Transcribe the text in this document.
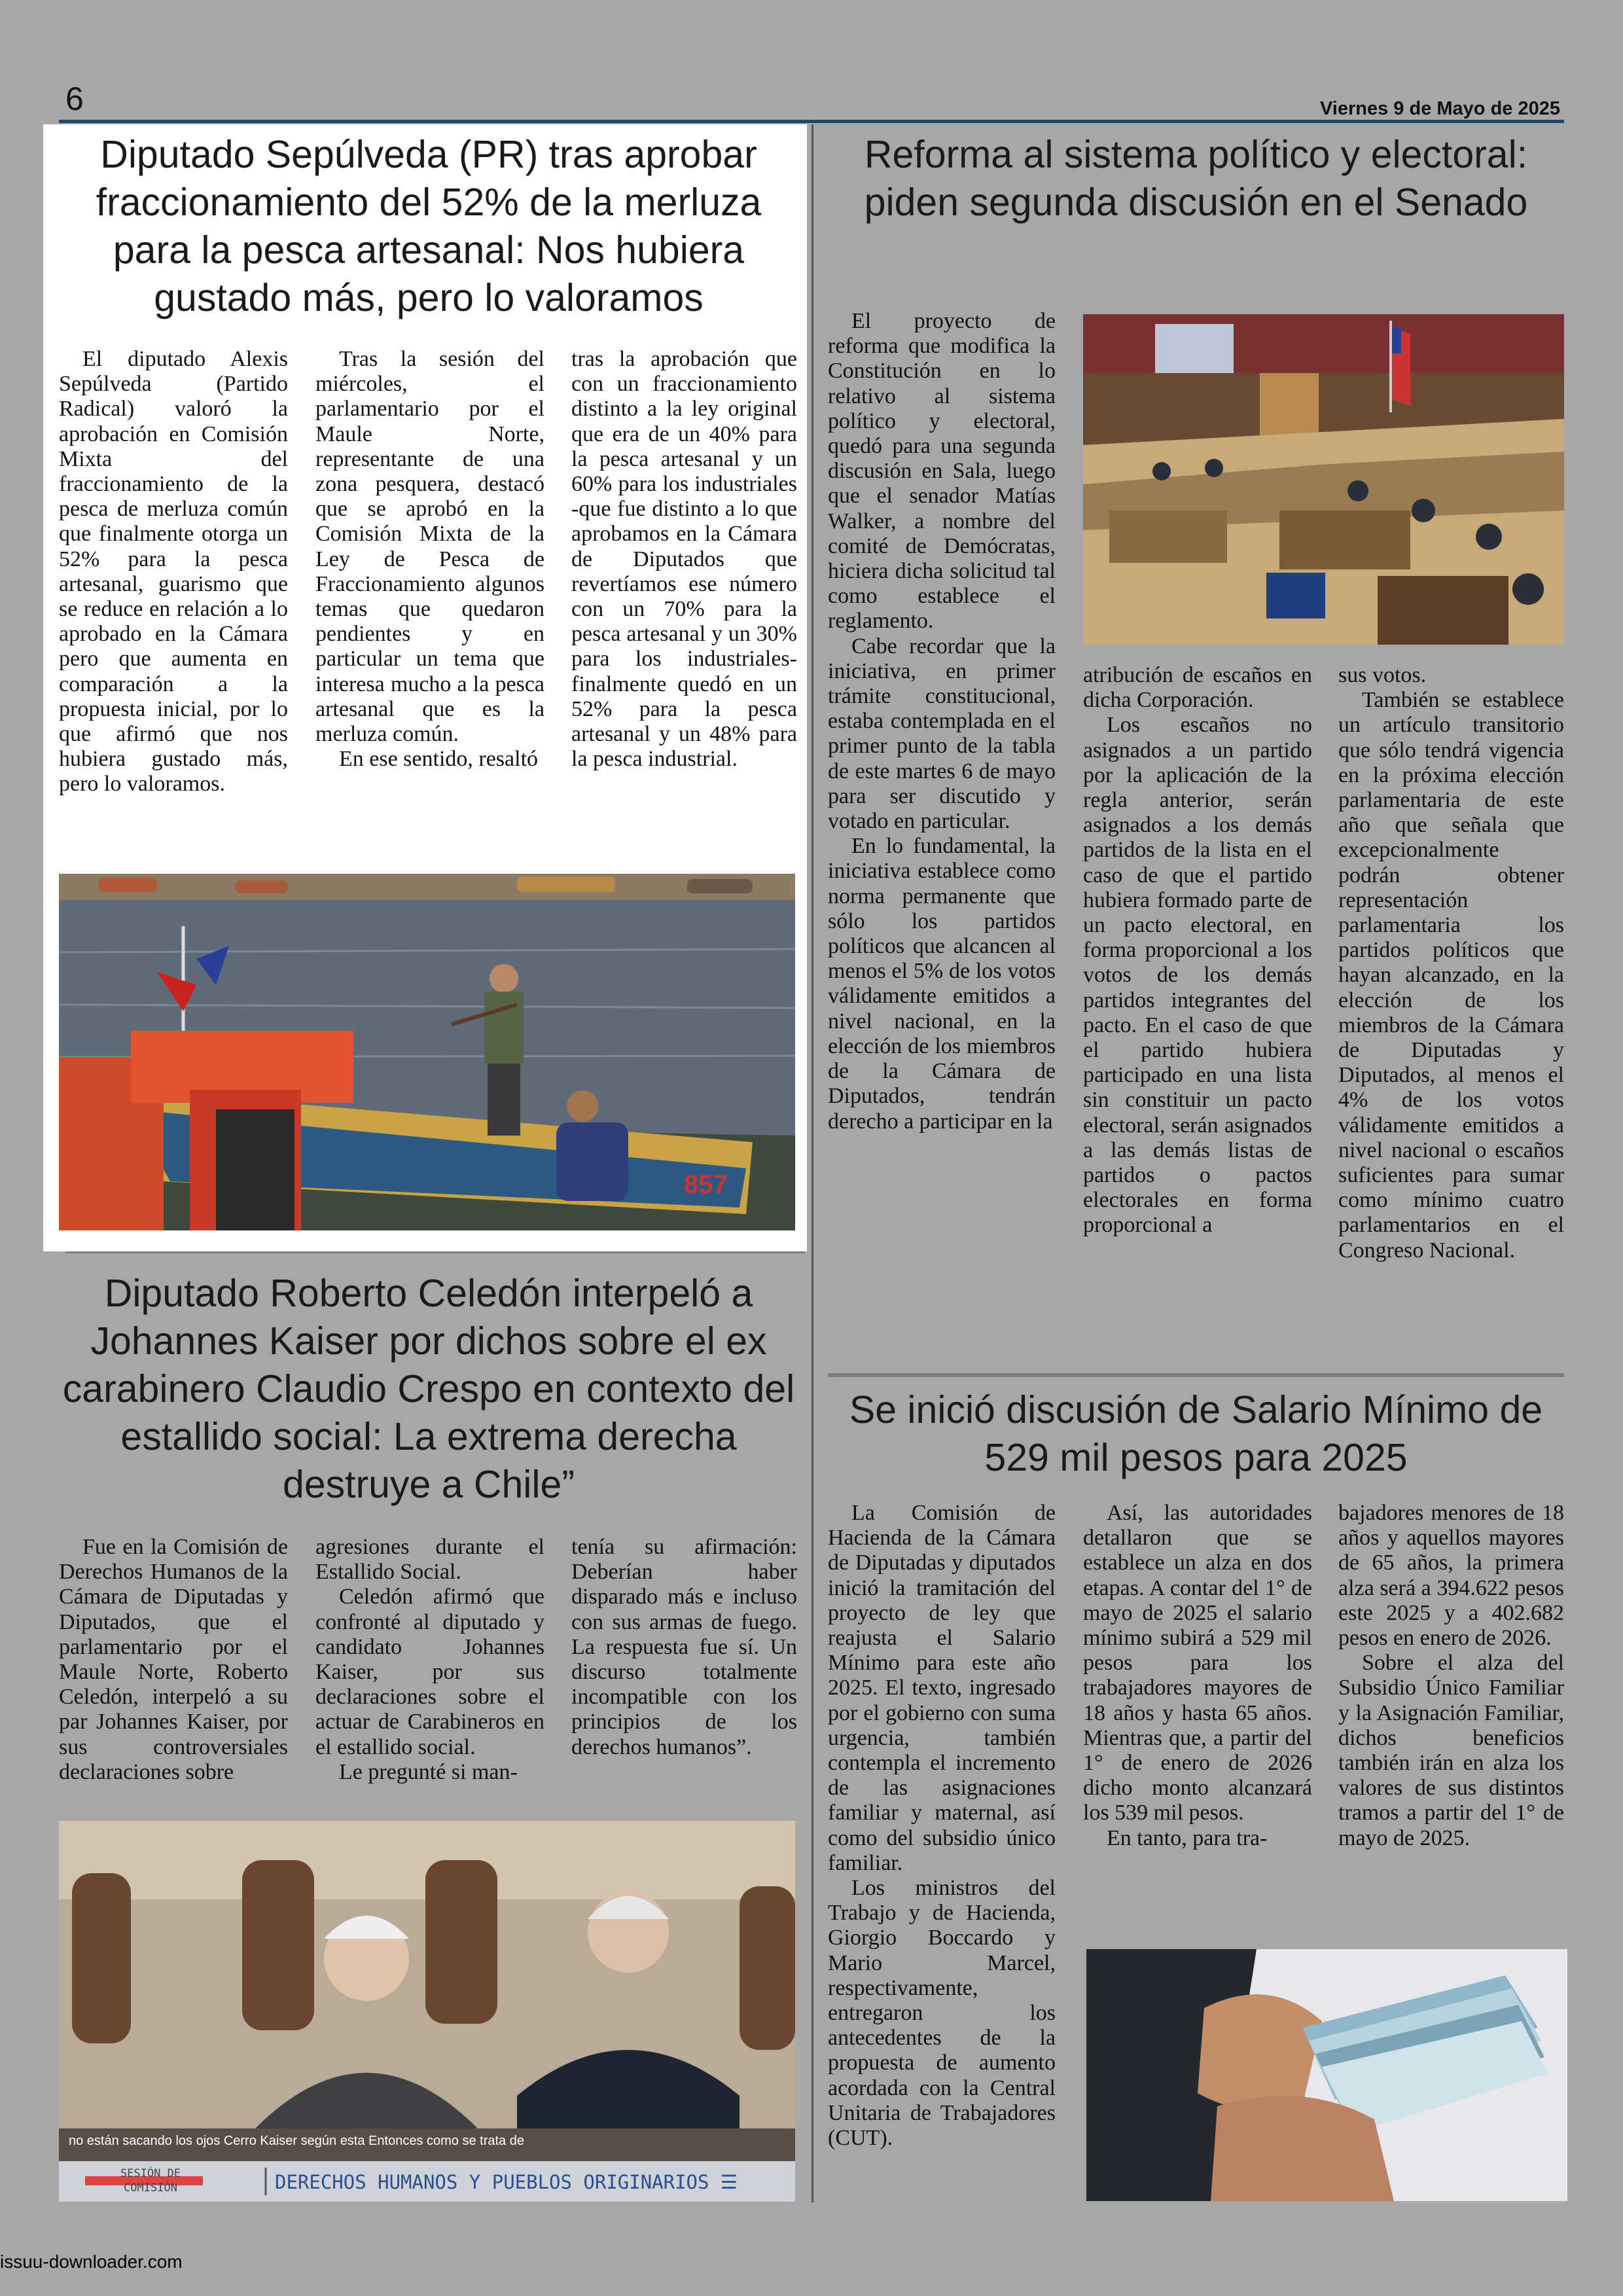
6	Viernes 9 de Mayo de 2025
Diputado Sepúlveda (PR) tras aprobar fraccionamiento del 52% de la merluza para la pesca artesanal: Nos hubiera gustado más, pero lo valoramos

El diputado Alexis Sepúlveda (Partido Radical) valoró la aprobación en Comisión Mixta del fraccionamiento de la pesca de merluza común que finalmente otorga un 52% para la pesca artesanal, guarismo que se reduce en relación a lo aprobado en la Cámara pero que aumenta en comparación a la propuesta inicial, por lo que afirmó que nos hubiera gustado más, pero lo valoramos.

Tras la sesión del miércoles, el parlamentario por el Maule Norte, representante de una zona pesquera, destacó que se aprobó en la Comisión Mixta de la Ley de Pesca de Fraccionamiento algunos temas que quedaron pendientes y en particular un tema que interesa mucho a la pesca artesanal que es la merluza común.

En ese sentido, resaltó

tras la aprobación que con un fraccionamiento distinto a la ley original que era de un 40% para la pesca artesanal y un 60% para los industriales -que fue distinto a lo que aprobamos en la Cámara de Diputados que revertíamos ese número con un 70% para la pesca artesanal y un 30% para los industriales- finalmente quedó en un 52% para la pesca artesanal y un 48% para la pesca industrial.

857
Reforma al sistema político y electoral: piden segunda discusión en el Senado

El proyecto de reforma que modifica la Constitución en lo relativo al sistema político y electoral, quedó para una segunda discusión en Sala, luego que el senador Matías Walker, a nombre del comité de Demócratas, hiciera dicha solicitud tal como establece el reglamento.

Cabe recordar que la iniciativa, en primer trámite constitucional, estaba contemplada en el primer punto de la tabla de este martes 6 de mayo para ser discutido y votado en particular.

En lo fundamental, la iniciativa establece como norma permanente que sólo los partidos políticos que alcancen al menos el 5% de los votos válidamente emitidos a nivel nacional, en la elección de los miembros de la Cámara de Diputados, tendrán derecho a participar en la

atribución de escaños en dicha Corporación.

Los escaños no asignados a un partido por la aplicación de la regla anterior, serán asignados a los demás partidos de la lista en el caso de que el partido hubiera formado parte de un pacto electoral, en forma proporcional a los votos de los demás partidos integrantes del pacto. En el caso de que el partido hubiera participado en una lista sin constituir un pacto electoral, serán asignados a las demás listas de partidos o pactos electorales en forma proporcional a

sus votos.

También se establece un artículo transitorio que sólo tendrá vigencia en la próxima elección parlamentaria de este año que señala que excepcionalmente podrán obtener representación parlamentaria los partidos políticos que hayan alcanzado, en la elección de los miembros de la Cámara de Diputadas y Diputados, al menos el 4% de los votos válidamente emitidos a nivel nacional o escaños suficientes para sumar como mínimo cuatro parlamentarios en el Congreso Nacional.

Diputado Roberto Celedón interpeló a Johannes Kaiser por dichos sobre el ex carabinero Claudio Crespo en contexto del estallido social: La extrema derecha destruye a Chile”

Fue en la Comisión de Derechos Humanos de la Cámara de Diputadas y Diputados, que el parlamentario por el Maule Norte, Roberto Celedón, interpeló a su par Johannes Kaiser, por sus controversiales declaraciones sobre

agresiones durante el Estallido Social.

Celedón afirmó que confronté al diputado y candidato Johannes Kaiser, por sus declaraciones sobre el actuar de Carabineros en el estallido social.

Le pregunté si man-

tenía su afirmación: Deberían haber disparado más e incluso con sus armas de fuego. La respuesta fue sí. Un discurso totalmente incompatible con los principios de los derechos humanos”.

no están sacando los ojos Cerro Kaiser según esta Entonces como se trata de
SESIÓN DE
COMISIÓN	DERECHOS HUMANOS Y PUEBLOS ORIGINARIOS ☰
Se inició discusión de Salario Mínimo de 529 mil pesos para 2025

La Comisión de Hacienda de la Cámara de Diputadas y diputados inició la tramitación del proyecto de ley que reajusta el Salario Mínimo para este año 2025. El texto, ingresado por el gobierno con suma urgencia, también contempla el incremento de las asignaciones familiar y maternal, así como del subsidio único familiar.

Los ministros del Trabajo y de Hacienda, Giorgio Boccardo y Mario Marcel, respectivamente, entregaron los antecedentes de la propuesta de aumento acordada con la Central Unitaria de Trabajadores (CUT).

Así, las autoridades detallaron que se establece un alza en dos etapas. A contar del 1° de mayo de 2025 el salario mínimo subirá a 529 mil pesos para los trabajadores mayores de 18 años y hasta 65 años. Mientras que, a partir del 1° de enero de 2026 dicho monto alcanzará los 539 mil pesos.

En tanto, para tra-

bajadores menores de 18 años y aquellos mayores de 65 años, la primera alza será a 394.622 pesos este 2025 y a 402.682 pesos en enero de 2026.

Sobre el alza del Subsidio Único Familiar y la Asignación Familiar, dichos beneficios también irán en alza los valores de sus distintos tramos a partir del 1° de mayo de 2025.

issuu-downloader.com
